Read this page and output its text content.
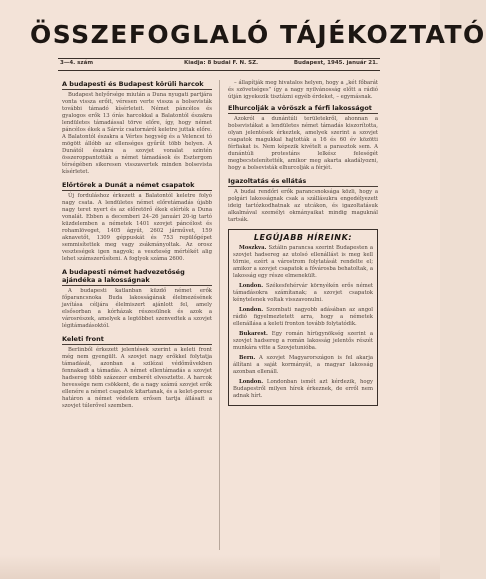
ÖSSZEFOGLALÓ TÁJÉKOZTATÓ
3—4. szám	Kiadja: 8 budai F. N. SZ.	Budapest, 1945. január 21.
A budapesti és Budapest körüli harcok

Budapest helyőrsége miután a Duna nyugati partjára vonta vissza erőit, véresen verte vissza a bolsevisták további támadó kísérleteit. Német páncélos és gyalogos erők 13 órás harcokkal a Balatontól északra lendületes támadással törve előre, így, hogy német páncélos ékek a Sárvíz csatornáról keletre juttak előre. A Balatontól északra a Vértes hegység és a Velencei tó mögött állóbb az ellenséges gyűrűt több helyen. A Dunától északra a szovjet vonalat szintén összeroppantották a német támadások és Esztergom térségében sikeresen visszavertek minden bolsevista kísérletet.

Előrtörek a Dunát a német csapatok

Új forduláshoz érkezett a Balatontól keletre folyó nagy csata. A lendületes német előretámadás újabb nagy teret nyert és az előretörő ékek elérték a Duna vonalát. Ebben a decemberi 24–26 januári 20-ig tartó küzdelemben a németek 1401 szovjet páncélost és rohamlöveget, 1405 ágyút, 2602 járművet, 159 aknavetőt, 1309 géppuskát és 753 repülőgépet semmisítettek meg vagy zsákmányoltak. Az orosz veszteségek igen nagyok; a veszteség mértékét alig lehet számszerűsíteni. A foglyok száma 2600.

A budapesti német hadvezetőség ajándéka a lakosságnak

A budapesti katlanban küzdő német erők főparancsnoka Buda lakosságának élelmezésének javítása céljára élelmiszert ajánlott fel, amely elsősorban a kórházak részesülnek és azok a városrészek, amelyek a legtöbbet szenvedtek a szovjet légitámadásoktól.

Keleti front

Berlinből érkezett jelentések szerint a keleti front még nem gyengült. A szovjet nagy erőkkel folytatja támadását, azonban a szilézai védőművekben fennakadt a támadás. A német ellentámadás a szovjet hadsereg több százezer emberét elvesztette. A harcok hevessége nem csökkent, de a nagy számú szovjet erők ellenére a német csapatok kitartanak, és a kelet-porosz határon a német védelem erősen tartja állásait a szovjet túlerővel szemben.

– állapítják meg hivatalos helyen, hogy a „két főbarát és szövetséges” így a nagy nyilvánosság előtt a rádió útján igyekezik tisztázni egyéb érdeket, – egymásnak.

Elhurcolják a vöröszk a férfi lakosságot

Azokról a dunántúli területekről, ahonnan a bolsevistákat a lendületes német támadás kiszorította, olyan jelentések érkeztek, amelyek szerint a szovjet csapatok magukkal hajtották a 16 és 60 év közötti férfiakat is. Nem képezik kivételt a parasztok sem. A dunántúli protestáns lelkész feleségét megbecstelenítették, amikor meg akarta akadályozni, hogy a bolsevisták elhurcolják a férjét.

Igazoltatás és ellátás

A budai rendőri erők parancsnoksága közli, hogy a polgári lakosságnak csak a szállásukra engedélyezett ideig tartózkodhatnak az utcákon, és igazoltatásuk alkalmával személyi okmányaikat mindig maguknál tartsák.

LEGÚJABB HÍREINK:

Moszkva. Sztálin parancsa szerint Budapesten a szovjet hadsereg az utolsó ellenállást is meg kell törnie, ezért a várostrom folytatását rendelte el; amikor a szovjet csapatok a fővárosba behatoltak, a lakosság egy része elmenekült.

London. Székesfehérvár környékén erős német támadásokra számítanak; a szovjet csapatok kénytelenek voltak visszavonulni.

London. Szombati nagyobb adásában az angol rádió figyelmeztetett arra, hogy a németek ellenállása a keleti fronton tovább folytatódik.

Bukarest. Egy román hírügynökség szerint a szovjet hadsereg a román lakosság jelentős részét munkára vitte a Szovjetunióba.

Bern. A szovjet Magyarországon is fel akarja állítani a saját kormányát, a magyar lakosság azonban ellenáll.

London. Londonban ismét azt kérdezik, hogy Budapestről milyen hírek érkeznek, de erről nem adnak hírt.
